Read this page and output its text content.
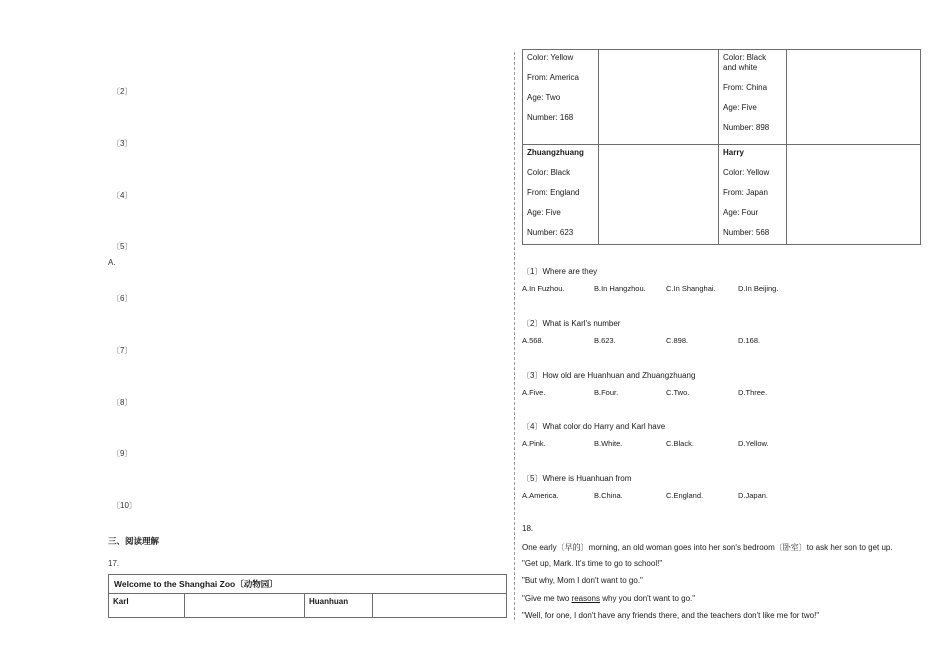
〔2〕
〔3〕
〔4〕
〔5〕
A.
〔6〕
〔7〕
〔8〕
〔9〕
〔10〕
三、阅读理解
17.
Welcome to the Shanghai Zoo〔动物园〕
Karl		Huanhuan	
Color: Yellow
From: America
Age: Two
Number: 168		Color: Black and white
From: China
Age: Five
Number: 898	

Zhuangzhuang
Color: Black
From: England
Age: Five
Number: 623		Harry
Color: Yellow
From: Japan
Age: Four
Number: 568	

〔1〕Where are they
A.In Fuzhou.	B.In Hangzhou.	C.In Shanghai.	D.In Beijing.
〔2〕What is Karl's number
A.568.	B.623.	C.898.	D.168.
〔3〕How old are Huanhuan and Zhuangzhuang
A.Five.	B.Four.	C.Two.	D.Three.
〔4〕What color do Harry and Karl have
A.Pink.	B.White.	C.Black.	D.Yellow.
〔5〕Where is Huanhuan from
A.America.	B.China.	C.England.	D.Japan.
18.
One early〔早的〕morning, an old woman goes into her son's bedroom〔卧室〕to ask her son to get up.
"Get up, Mark. It's time to go to school!"
"But why, Mom I don't want to go."
"Give me two reasons why you don't want to go."
"Well, for one, I don't have any friends there, and the teachers don't like me for two!"
